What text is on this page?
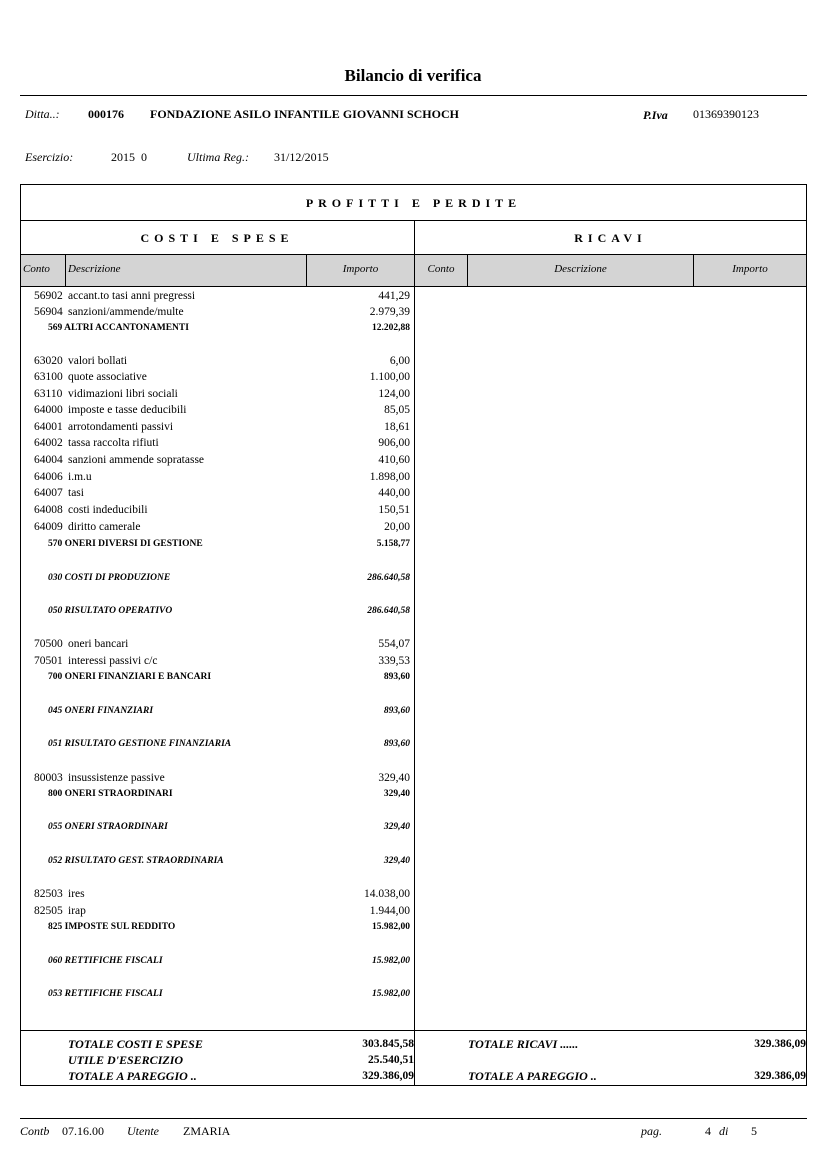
Bilancio di verifica
Ditta..: 000176 FONDAZIONE ASILO INFANTILE GIOVANNI SCHOCH	P.Iva 01369390123
Esercizio:	2015  0	Ultima Reg.: 31/12/2015
PROFITTI E PERDITE
COSTI E SPESE	RICAVI
Conto	Descrizione	Importo	Conto	Descrizione	Importo
56902 accant.to tasi anni pregressi	441,29
56904 sanzioni/ammende/multe	2.979,39
569 ALTRI ACCANTONAMENTI	12.202,88
63020 valori bollati	6,00
63100 quote associative	1.100,00
63110 vidimazioni libri sociali	124,00
64000 imposte e tasse deducibili	85,05
64001 arrotondamenti passivi	18,61
64002 tassa raccolta rifiuti	906,00
64004 sanzioni ammende sopratasse	410,60
64006 i.m.u	1.898,00
64007 tasi	440,00
64008 costi indeducibili	150,51
64009 diritto camerale	20,00
570 ONERI DIVERSI DI GESTIONE	5.158,77
030 COSTI DI PRODUZIONE	286.640,58
050 RISULTATO OPERATIVO	286.640,58
70500 oneri bancari	554,07
70501 interessi passivi c/c	339,53
700 ONERI FINANZIARI E BANCARI	893,60
045 ONERI FINANZIARI	893,60
051 RISULTATO GESTIONE FINANZIARIA	893,60
80003 insussistenze passive	329,40
800 ONERI STRAORDINARI	329,40
055 ONERI STRAORDINARI	329,40
052 RISULTATO GEST. STRAORDINARIA	329,40
82503 ires	14.038,00
82505 irap	1.944,00
825 IMPOSTE SUL REDDITO	15.982,00
060 RETTIFICHE FISCALI	15.982,00
053 RETTIFICHE FISCALI	15.982,00
TOTALE COSTI E SPESE	303.845,58
UTILE D'ESERCIZIO	25.540,51
TOTALE A PAREGGIO ..	329.386,09
TOTALE RICAVI ......	329.386,09
TOTALE A PAREGGIO ..	329.386,09
Contb 07.16.00 Utente ZMARIA	pag.	4 di 5
